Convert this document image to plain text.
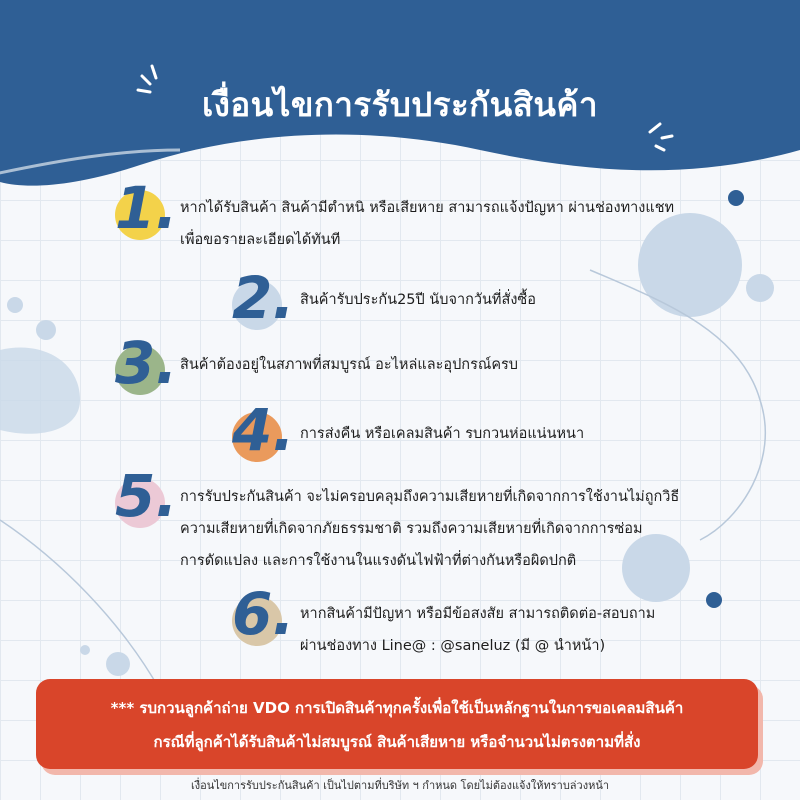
เงื่อนไขการรับประกันสินค้า
1. หากได้รับสินค้า สินค้ามีตำหนิ หรือเสียหาย สามารถแจ้งปัญหา ผ่านช่องทางแชท
เพื่อขอรายละเอียดได้ทันที
2. สินค้ารับประกัน25ปี นับจากวันที่สั่งซื้อ
3. สินค้าต้องอยู่ในสภาพที่สมบูรณ์ อะไหล่และอุปกรณ์ครบ
4. การส่งคืน หรือเคลมสินค้า รบกวนห่อแน่นหนา
5. การรับประกันสินค้า จะไม่ครอบคลุมถึงความเสียหายที่เกิดจากการใช้งานไม่ถูกวิธี
ความเสียหายที่เกิดจากภัยธรรมชาติ รวมถึงความเสียหายที่เกิดจากการซ่อม
การดัดแปลง และการใช้งานในแรงดันไฟฟ้าที่ต่างกันหรือผิดปกติ
6. หากสินค้ามีปัญหา หรือมีข้อสงสัย สามารถติดต่อ-สอบถาม
ผ่านช่องทาง Line@ : @saneluz (มี @ นำหน้า)
*** รบกวนลูกค้าถ่าย VDO การเปิดสินค้าทุกครั้งเพื่อใช้เป็นหลักฐานในการขอเคลมสินค้า
กรณีที่ลูกค้าได้รับสินค้าไม่สมบูรณ์ สินค้าเสียหาย หรือจำนวนไม่ตรงตามที่สั่ง
เงื่อนไขการรับประกันสินค้า เป็นไปตามที่บริษัท ฯ กำหนด โดยไม่ต้องแจ้งให้ทราบล่วงหน้า
